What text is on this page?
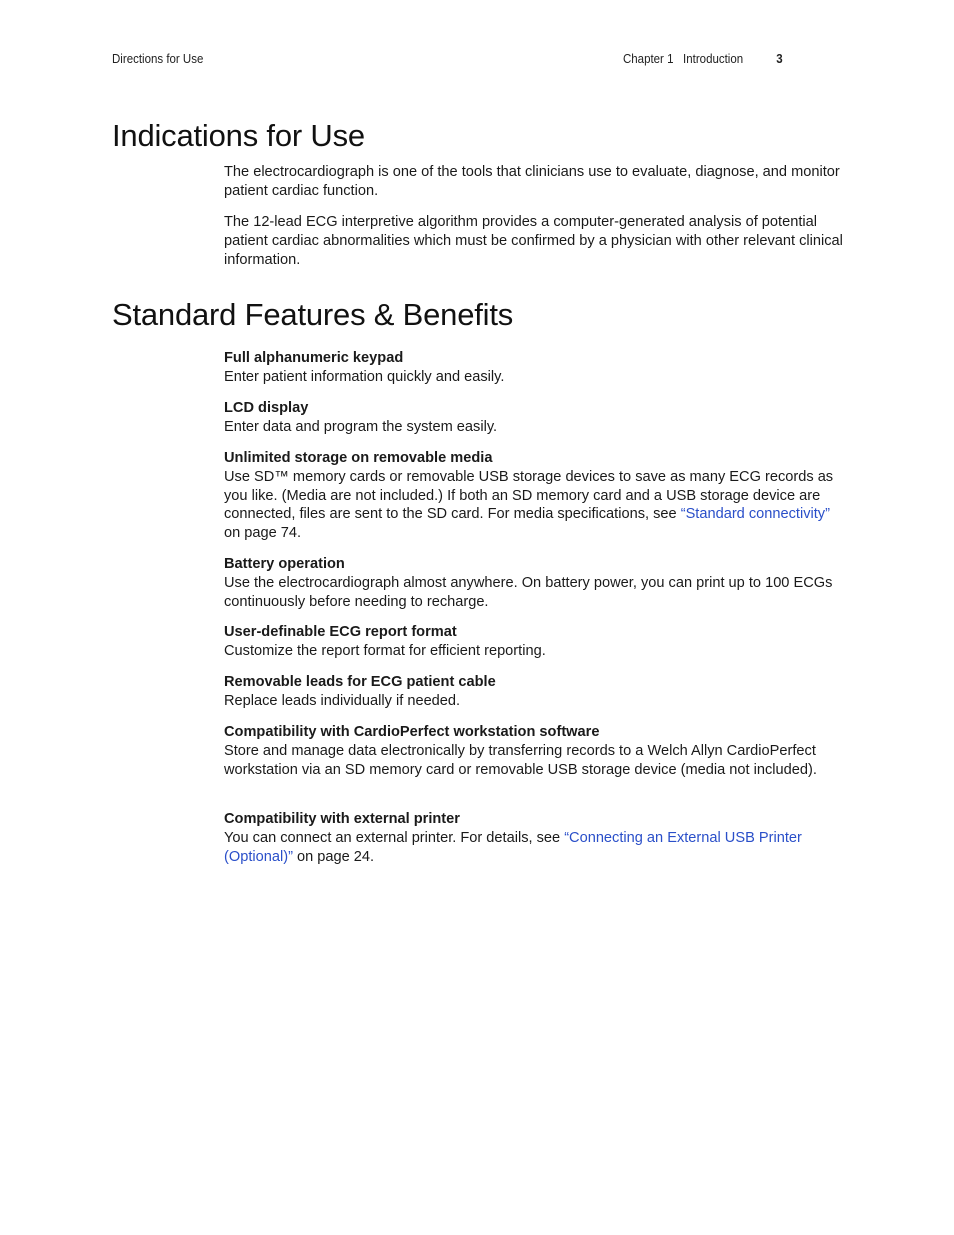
Directions for Use	Chapter 1   Introduction	3
Indications for Use

The electrocardiograph is one of the tools that clinicians use to evaluate, diagnose, and monitor patient cardiac function.

The 12-lead ECG interpretive algorithm provides a computer-generated analysis of potential patient cardiac abnormalities which must be confirmed by a physician with other relevant clinical information.

Standard Features & Benefits

Full alphanumeric keypad

Enter patient information quickly and easily.

LCD display

Enter data and program the system easily.

Unlimited storage on removable media

Use SD™ memory cards or removable USB storage devices to save as many ECG records as you like. (Media are not included.) If both an SD memory card and a USB storage device are connected, files are sent to the SD card. For media specifications, see “Standard connectivity” on page 74.

Battery operation

Use the electrocardiograph almost anywhere. On battery power, you can print up to 100 ECGs continuously before needing to recharge.

User-definable ECG report format

Customize the report format for efficient reporting.

Removable leads for ECG patient cable

Replace leads individually if needed.

Compatibility with CardioPerfect workstation software

Store and manage data electronically by transferring records to a Welch Allyn CardioPerfect workstation via an SD memory card or removable USB storage device (media not included).

Compatibility with external printer

You can connect an external printer. For details, see “Connecting an External USB Printer (Optional)” on page 24.
